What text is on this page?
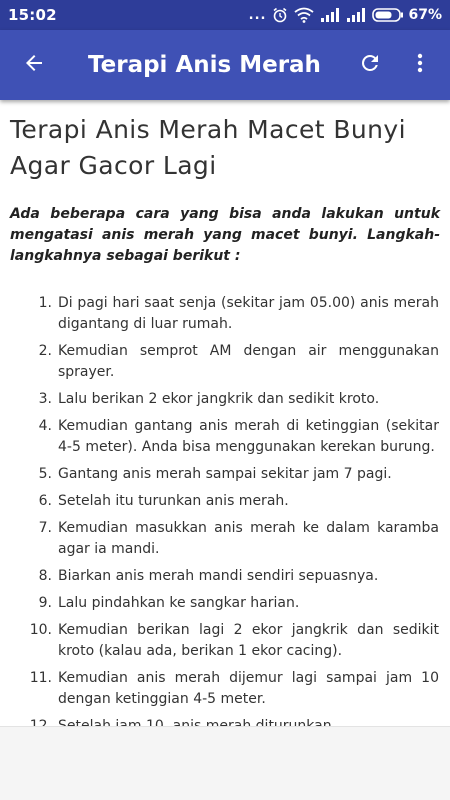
15:02	...	67%
Terapi Anis Merah
Terapi Anis Merah Macet Bunyi Agar Gacor Lagi

Ada beberapa cara yang bisa anda lakukan untuk mengatasi anis merah yang macet bunyi. Langkah-langkahnya sebagai berikut :

1. Di pagi hari saat senja (sekitar jam 05.00) anis merah digantang di luar rumah.
2. Kemudian semprot AM dengan air menggunakan sprayer.
3. Lalu berikan 2 ekor jangkrik dan sedikit kroto.
4. Kemudian gantang anis merah di ketinggian (sekitar 4-5 meter). Anda bisa menggunakan kerekan burung.
5. Gantang anis merah sampai sekitar jam 7 pagi.
6. Setelah itu turunkan anis merah.
7. Kemudian masukkan anis merah ke dalam karamba agar ia mandi.
8. Biarkan anis merah mandi sendiri sepuasnya.
9. Lalu pindahkan ke sangkar harian.
10. Kemudian berikan lagi 2 ekor jangkrik dan sedikit kroto (kalau ada, berikan 1 ekor cacing).
11. Kemudian anis merah dijemur lagi sampai jam 10 dengan ketinggian 4-5 meter.
